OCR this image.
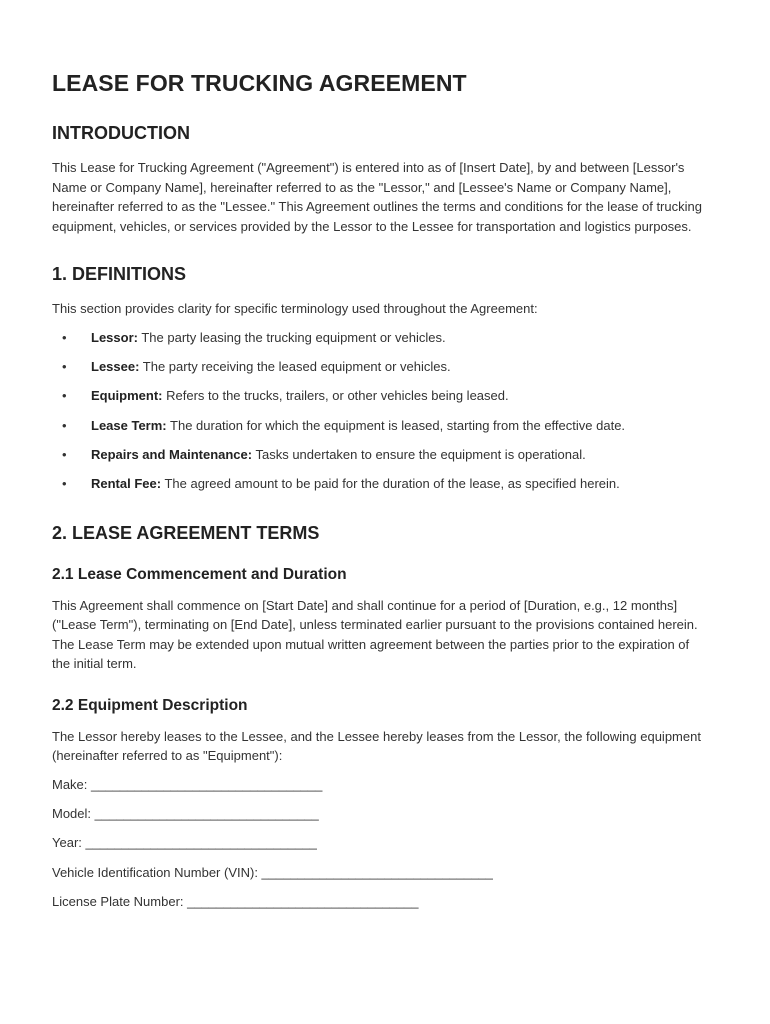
LEASE FOR TRUCKING AGREEMENT
INTRODUCTION

This Lease for Trucking Agreement ("Agreement") is entered into as of [Insert Date], by and between [Lessor's Name or Company Name], hereinafter referred to as the "Lessor," and [Lessee's Name or Company Name], hereinafter referred to as the "Lessee." This Agreement outlines the terms and conditions for the lease of trucking equipment, vehicles, or services provided by the Lessor to the Lessee for transportation and logistics purposes.

1. DEFINITIONS

This section provides clarity for specific terminology used throughout the Agreement:

• Lessor: The party leasing the trucking equipment or vehicles.
• Lessee: The party receiving the leased equipment or vehicles.
• Equipment: Refers to the trucks, trailers, or other vehicles being leased.
• Lease Term: The duration for which the equipment is leased, starting from the effective date.
• Repairs and Maintenance: Tasks undertaken to ensure the equipment is operational.
• Rental Fee: The agreed amount to be paid for the duration of the lease, as specified herein.
2. LEASE AGREEMENT TERMS
2.1 Lease Commencement and Duration

This Agreement shall commence on [Start Date] and shall continue for a period of [Duration, e.g., 12 months] ("Lease Term"), terminating on [End Date], unless terminated earlier pursuant to the provisions contained herein. The Lease Term may be extended upon mutual written agreement between the parties prior to the expiration of the initial term.

2.2 Equipment Description

The Lessor hereby leases to the Lessee, and the Lessee hereby leases from the Lessor, the following equipment (hereinafter referred to as "Equipment"):

Make: ________________________________

Model: _______________________________

Year: ________________________________

Vehicle Identification Number (VIN): ________________________________

License Plate Number: ________________________________
